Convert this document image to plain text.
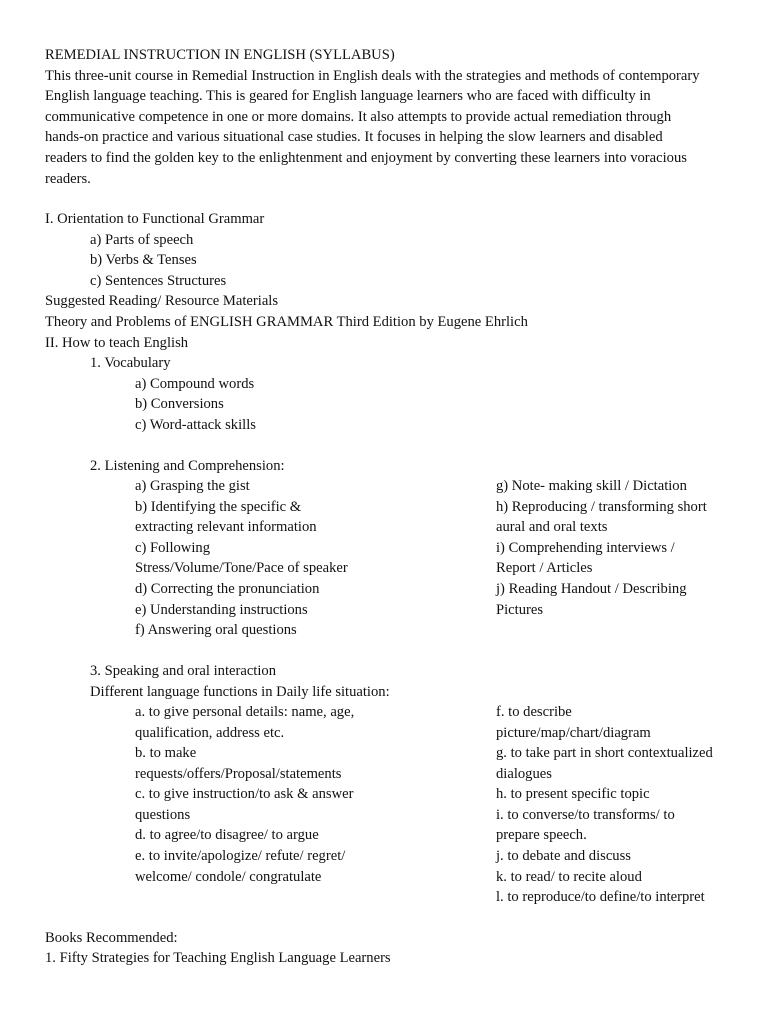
REMEDIAL INSTRUCTION IN ENGLISH (SYLLABUS)
This three-unit course in Remedial Instruction in English deals with the strategies and methods of contemporary
English language teaching. This is geared for English language learners who are faced with difficulty in
communicative competence in one or more domains. It also attempts to provide actual remediation through
hands-on practice and various situational case studies. It focuses in helping the slow learners and disabled
readers to find the golden key to the enlightenment and enjoyment by converting these learners into voracious
readers.
I. Orientation to Functional Grammar
a) Parts of speech
b) Verbs & Tenses
c) Sentences Structures
Suggested Reading/ Resource Materials
Theory and Problems of ENGLISH GRAMMAR Third Edition by Eugene Ehrlich
II. How to teach English
1. Vocabulary
a) Compound words
b) Conversions
c) Word-attack skills
2. Listening and Comprehension:
a) Grasping the gist
b) Identifying the specific &
extracting relevant information
c) Following
Stress/Volume/Tone/Pace of speaker
d) Correcting the pronunciation
e) Understanding instructions
f) Answering oral questions
g) Note- making skill / Dictation
h) Reproducing / transforming short
aural and oral texts
i) Comprehending interviews /
Report / Articles
j) Reading Handout / Describing
Pictures
3. Speaking and oral interaction
Different language functions in Daily life situation:
a. to give personal details: name, age,
qualification, address etc.
b. to make
requests/offers/Proposal/statements
c. to give instruction/to ask & answer
questions
d. to agree/to disagree/ to argue
e. to invite/apologize/ refute/ regret/
welcome/ condole/ congratulate
f. to describe
picture/map/chart/diagram
g. to take part in short contextualized
dialogues
h. to present specific topic
i. to converse/to transforms/ to
prepare speech.
j. to debate and discuss
k. to read/ to recite aloud
l. to reproduce/to define/to interpret
Books Recommended:
1. Fifty Strategies for Teaching English Language Learners
